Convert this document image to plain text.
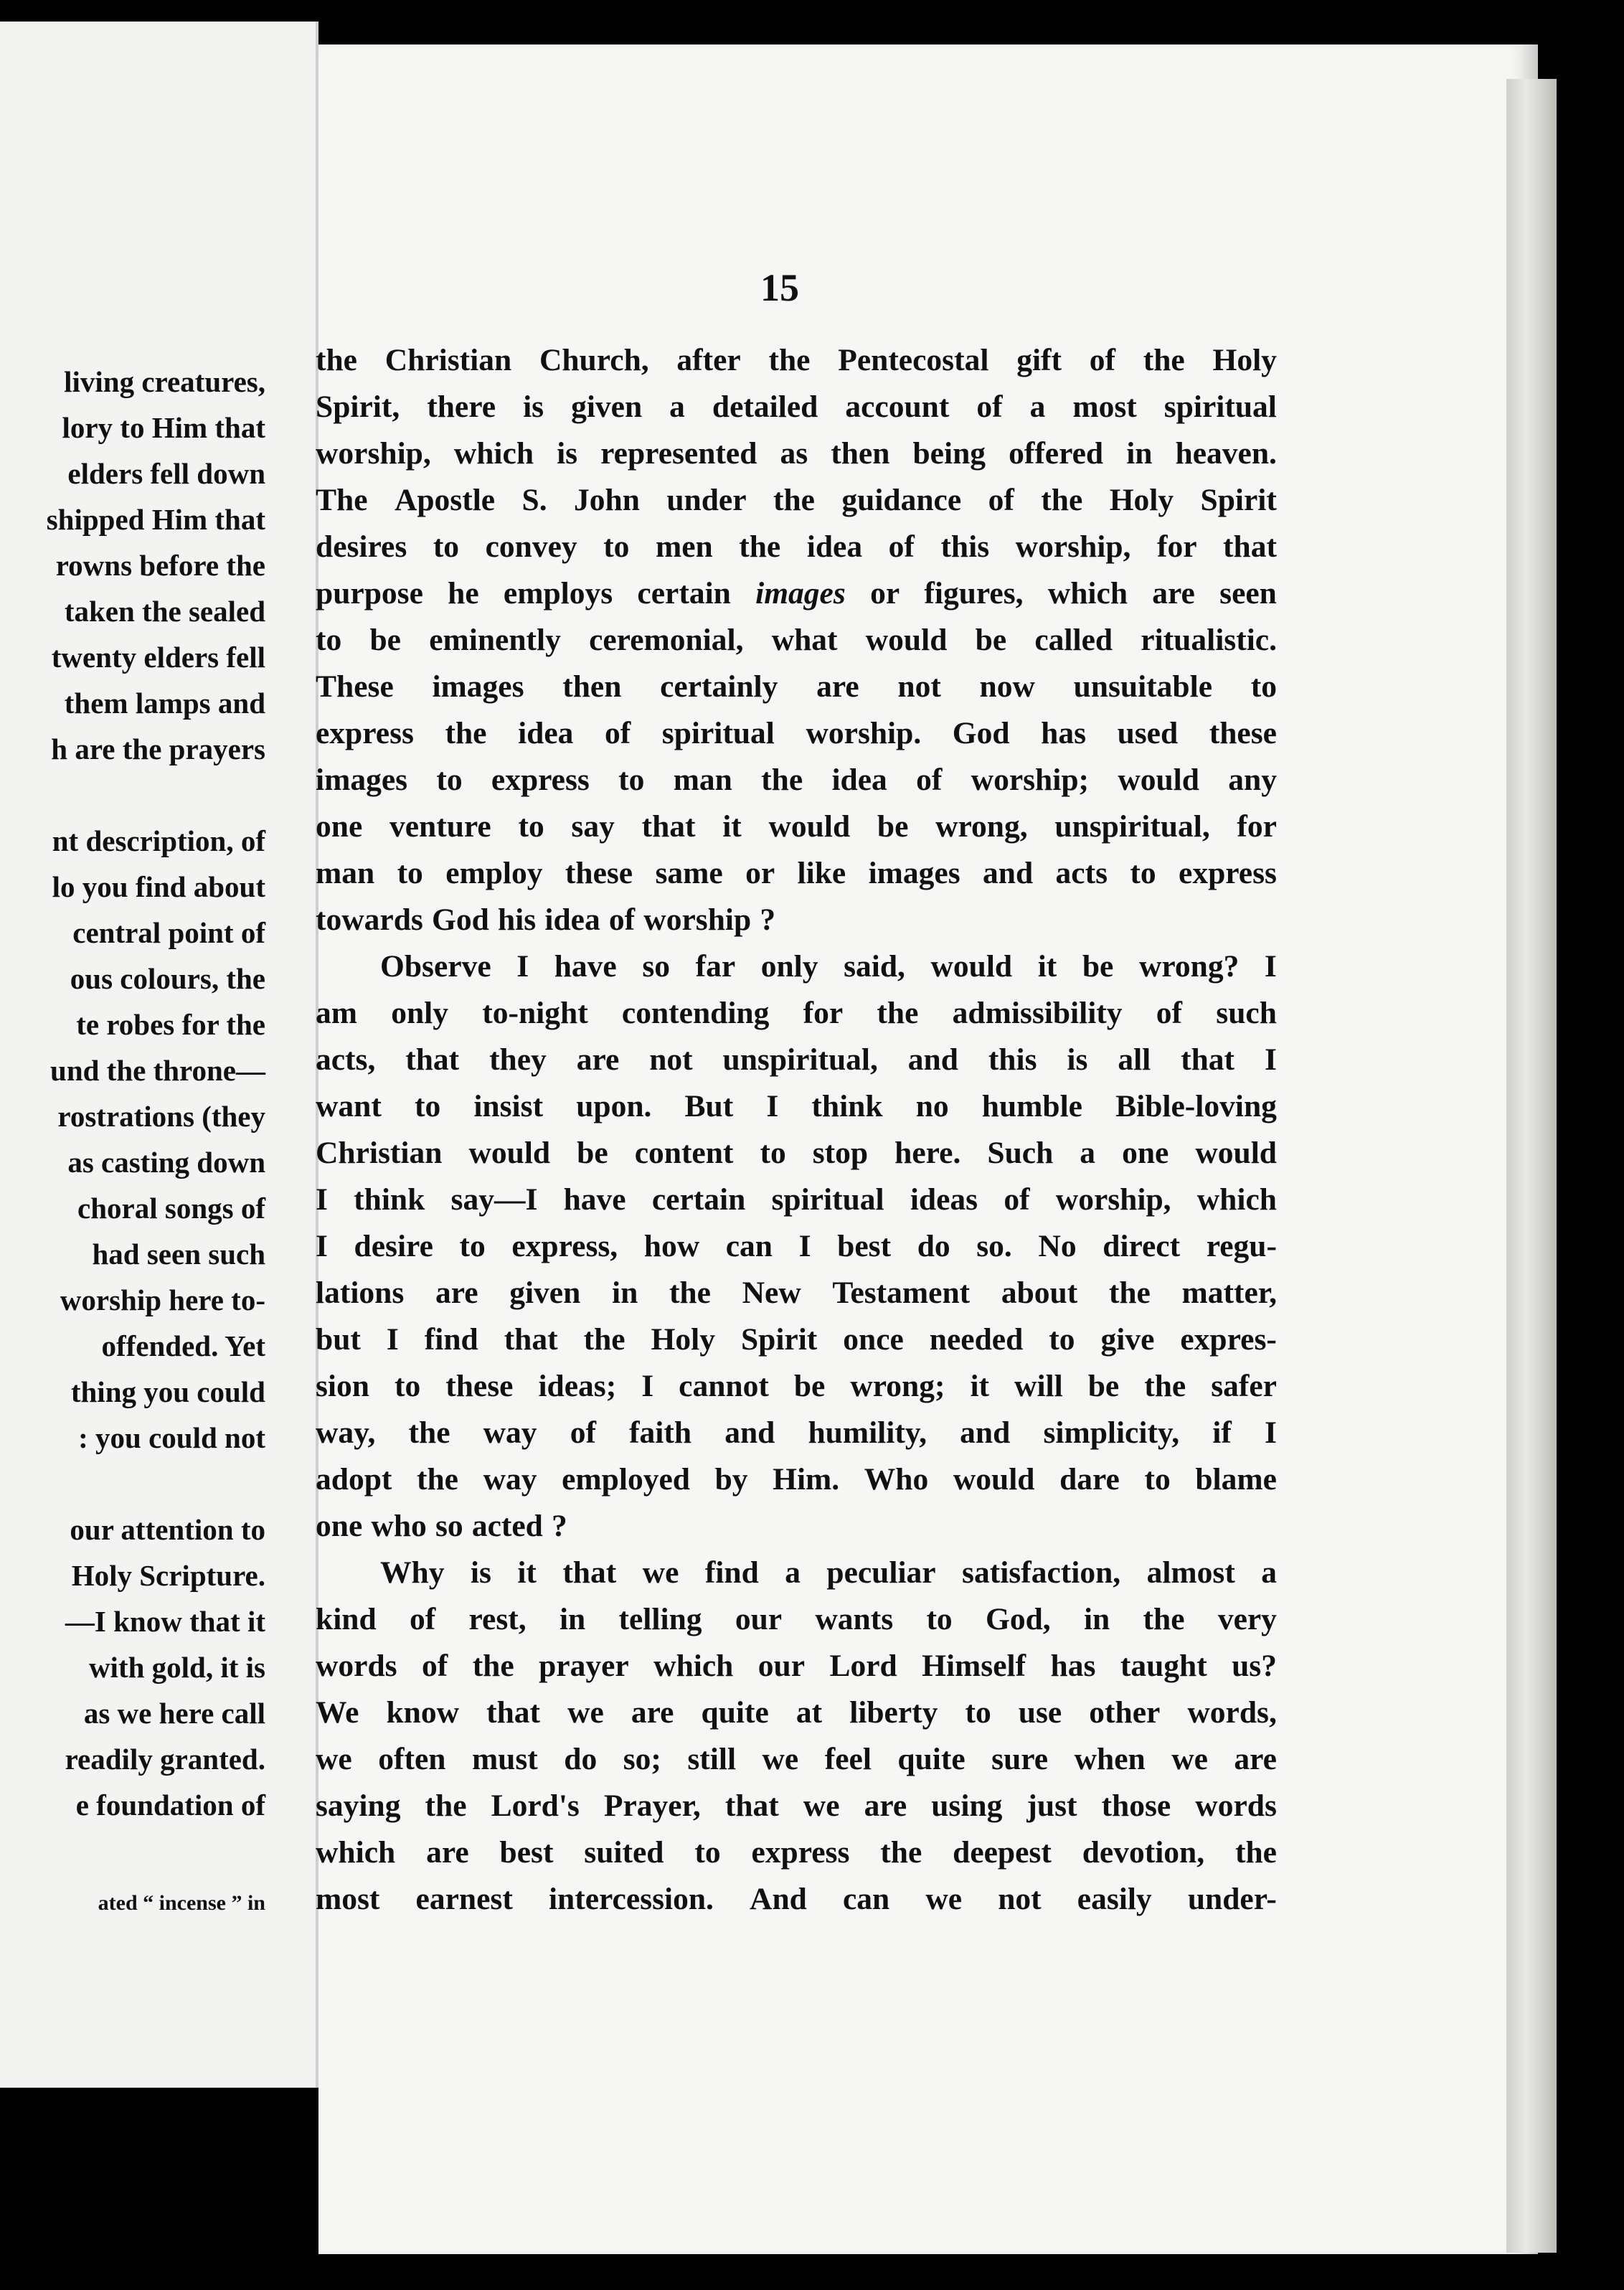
living creatures,
lory to Him that
elders fell down
shipped Him that
rowns before the
taken the sealed
twenty elders fell
them lamps and
h are the prayers
nt description, of
lo you find about
central point of
ous colours, the
te robes for the
und the throne—
rostrations (they
as casting down
choral songs of
had seen such
worship here to-
offended. Yet
thing you could
: you could not
our attention to
Holy Scripture.
—I know that it
with gold, it is
as we here call
readily granted.
e foundation of
ated “ incense ” in
15
the Christian Church, after the Pentecostal gift of the Holy
Spirit, there is given a detailed account of a most spiritual
worship, which is represented as then being offered in heaven.
The Apostle S. John under the guidance of the Holy Spirit
desires to convey to men the idea of this worship, for that
purpose he employs certain images or figures, which are seen
to be eminently ceremonial, what would be called ritualistic.
These images then certainly are not now unsuitable to
express the idea of spiritual worship. God has used these
images to express to man the idea of worship; would any
one venture to say that it would be wrong, unspiritual, for
man to employ these same or like images and acts to express
towards God his idea of worship ?
Observe I have so far only said, would it be wrong? I
am only to-night contending for the admissibility of such
acts, that they are not unspiritual, and this is all that I
want to insist upon. But I think no humble Bible-loving
Christian would be content to stop here. Such a one would
I think say—I have certain spiritual ideas of worship, which
I desire to express, how can I best do so. No direct regu-
lations are given in the New Testament about the matter,
but I find that the Holy Spirit once needed to give expres-
sion to these ideas; I cannot be wrong; it will be the safer
way, the way of faith and humility, and simplicity, if I
adopt the way employed by Him. Who would dare to blame
one who so acted ?
Why is it that we find a peculiar satisfaction, almost a
kind of rest, in telling our wants to God, in the very
words of the prayer which our Lord Himself has taught us?
We know that we are quite at liberty to use other words,
we often must do so; still we feel quite sure when we are
saying the Lord's Prayer, that we are using just those words
which are best suited to express the deepest devotion, the
most earnest intercession. And can we not easily under-
